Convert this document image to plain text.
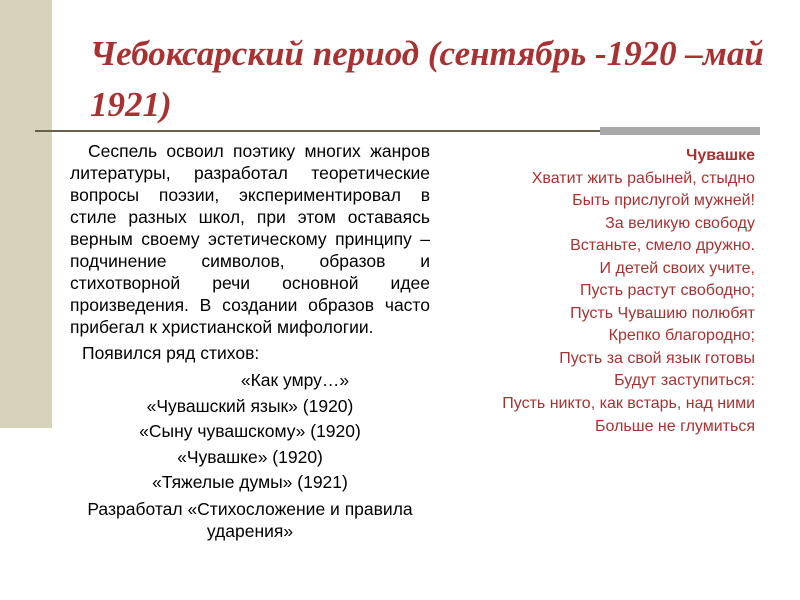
Чебоксарский период (сентябрь -1920 –май 1921)

Сеспель освоил поэтику многих жанров литературы, разработал теоретические вопросы поэзии, экспериментировал в стиле разных школ, при этом оставаясь верным своему эстетическому принципу – подчинение символов, образов и стихотворной речи основной идее произведения. В создании образов часто прибегал к христианской мифологии.

Появился ряд стихов:
«Как умру…»
«Чувашский язык» (1920)
«Сыну чувашскому» (1920)
«Чувашке» (1920)
«Тяжелые думы» (1921)
Разработал «Стихосложение и правила ударения»

Чувашке

Хватит жить рабыней, стыдно
Быть прислугой мужней!
За великую свободу
Встаньте, смело дружно.
И детей своих учите,
Пусть растут свободно;
Пусть Чувашию полюбят
Крепко благородно;
Пусть за свой язык готовы
Будут заступиться:
Пусть никто, как встарь, над ними
Больше не глумиться
